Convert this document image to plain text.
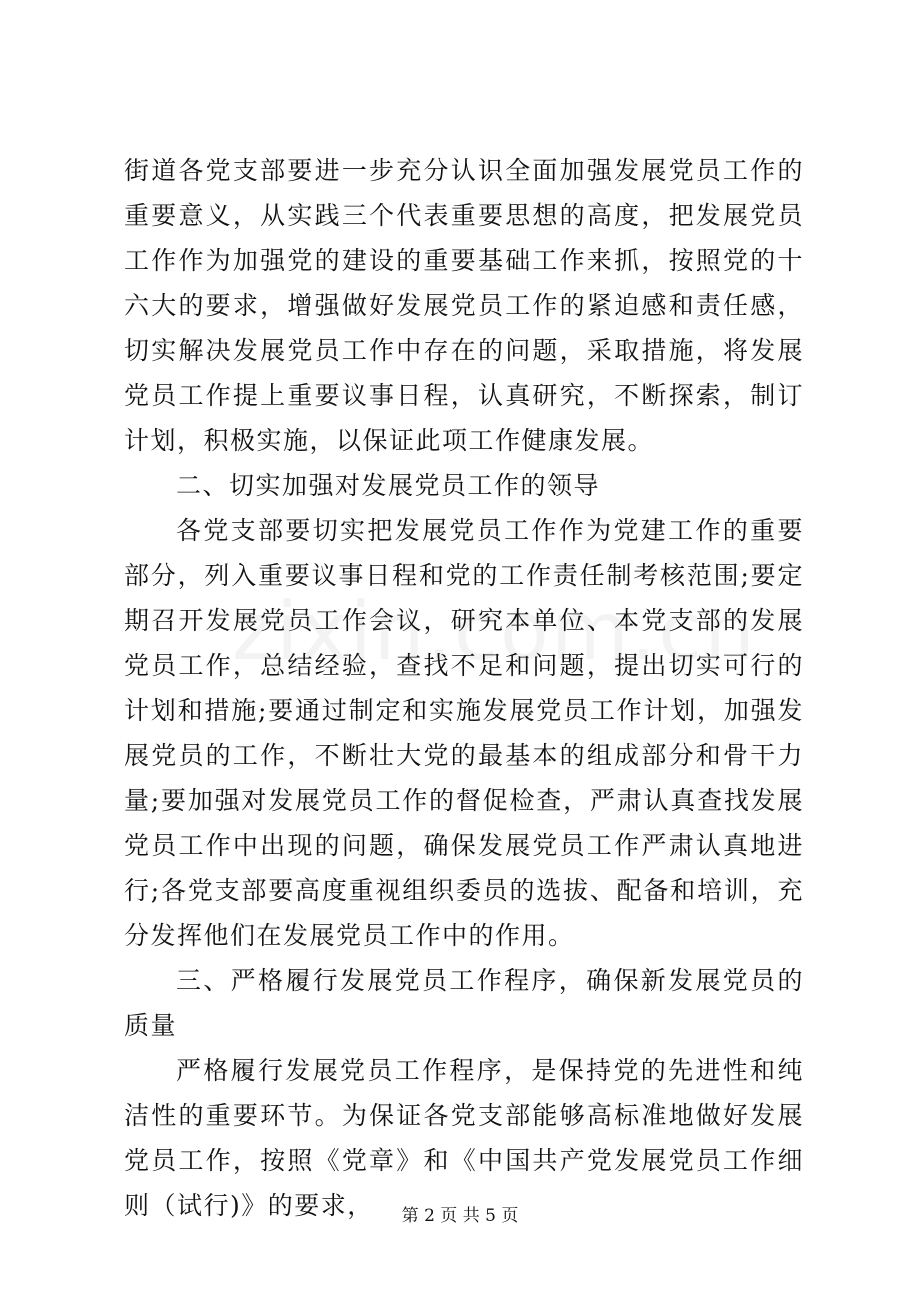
街道各党支部要进一步充分认识全面加强发展党员工作的重要意义，从实践三个代表重要思想的高度，把发展党员工作作为加强党的建设的重要基础工作来抓，按照党的十六大的要求，增强做好发展党员工作的紧迫感和责任感，切实解决发展党员工作中存在的问题，采取措施，将发展党员工作提上重要议事日程，认真研究，不断探索，制订计划，积极实施，以保证此项工作健康发展。

二、切实加强对发展党员工作的领导

各党支部要切实把发展党员工作作为党建工作的重要部分，列入重要议事日程和党的工作责任制考核范围;要定期召开发展党员工作会议，研究本单位、本党支部的发展党员工作，总结经验，查找不足和问题，提出切实可行的计划和措施;要通过制定和实施发展党员工作计划，加强发展党员的工作，不断壮大党的最基本的组成部分和骨干力量;要加强对发展党员工作的督促检查，严肃认真查找发展党员工作中出现的问题，确保发展党员工作严肃认真地进行;各党支部要高度重视组织委员的选拔、配备和培训，充分发挥他们在发展党员工作中的作用。

三、严格履行发展党员工作程序，确保新发展党员的质量

严格履行发展党员工作程序，是保持党的先进性和纯洁性的重要环节。为保证各党支部能够高标准地做好发展党员工作，按照《党章》和《中国共产党发展党员工作细则（试行)》的要求，	第 2 页 共 5 页
